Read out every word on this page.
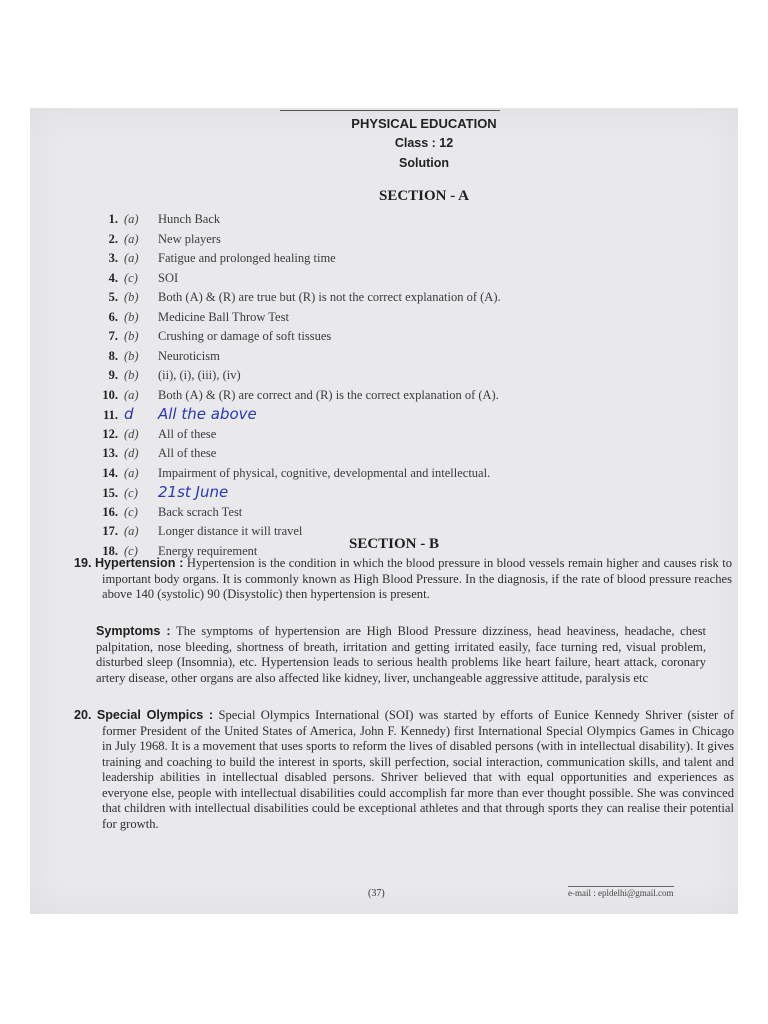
PHYSICAL EDUCATION
Class : 12
Solution
SECTION - A
1. (a) Hunch Back
2. (a) New players
3. (a) Fatigue and prolonged healing time
4. (c) SOI
5. (b) Both (A) & (R) are true but (R) is not the correct explanation of (A).
6. (b) Medicine Ball Throw Test
7. (b) Crushing or damage of soft tissues
8. (b) Neuroticism
9. (b) (ii), (i), (iii), (iv)
10. (a) Both (A) & (R) are correct and (R) is the correct explanation of (A).
11. d All the above
12. (d) All of these
13. (d) All of these
14. (a) Impairment of physical, cognitive, developmental and intellectual.
15. (c) 21st June
16. (c) Back scrach Test
17. (a) Longer distance it will travel
18. (c) Energy requirement	SECTION - B
19. Hypertension : Hypertension is the condition in which the blood pressure in blood vessels remain higher and causes risk to important body organs. It is commonly known as High Blood Pressure. In the diagnosis, if the rate of blood pressure reaches above 140 (systolic) 90 (Disystolic) then hypertension is present.
Symptoms : The symptoms of hypertension are High Blood Pressure dizziness, head heaviness, headache, chest palpitation, nose bleeding, shortness of breath, irritation and getting irritated easily, face turning red, visual problem, disturbed sleep (Insomnia), etc. Hypertension leads to serious health problems like heart failure, heart attack, coronary artery disease, other organs are also affected like kidney, liver, unchangeable aggressive attitude, paralysis etc
20. Special Olympics : Special Olympics International (SOI) was started by efforts of Eunice Kennedy Shriver (sister of former President of the United States of America, John F. Kennedy) first International Special Olympics Games in Chicago in July 1968. It is a movement that uses sports to reform the lives of disabled persons (with in intellectual disability). It gives training and coaching to build the interest in sports, skill perfection, social interaction, communication skills, and talent and leadership abilities in intellectual disabled persons. Shriver believed that with equal opportunities and experiences as everyone else, people with intellectual disabilities could accomplish far more than ever thought possible. She was convinced that children with intellectual disabilities could be exceptional athletes and that through sports they can realise their potential for growth.
(37)	e-mail : epldelhi@gmail.com
